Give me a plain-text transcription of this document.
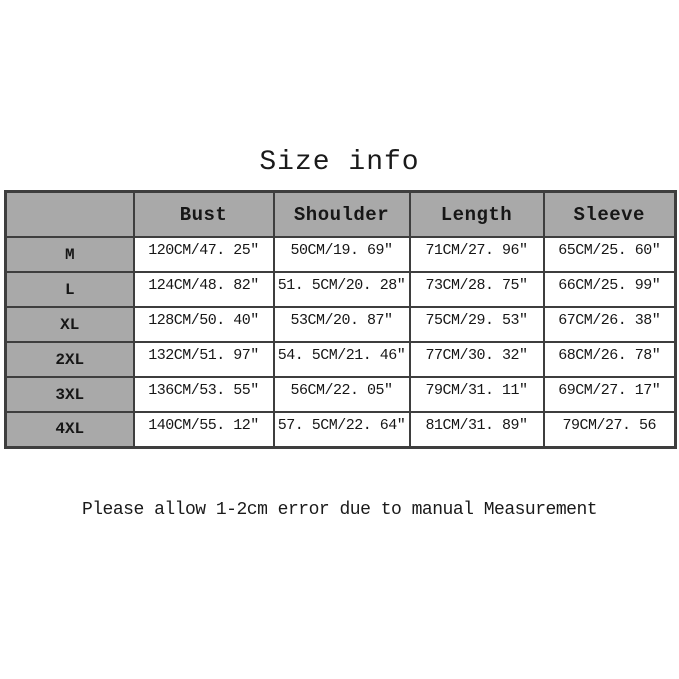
Size info
	Bust	Shoulder	Length	Sleeve
M	120CM/47. 25"	50CM/19. 69"	71CM/27. 96"	65CM/25. 60"
L	124CM/48. 82"	51. 5CM/20. 28"	73CM/28. 75"	66CM/25. 99"
XL	128CM/50. 40"	53CM/20. 87"	75CM/29. 53"	67CM/26. 38"
2XL	132CM/51. 97"	54. 5CM/21. 46"	77CM/30. 32"	68CM/26. 78"
3XL	136CM/53. 55"	56CM/22. 05"	79CM/31. 11"	69CM/27. 17"
4XL	140CM/55. 12"	57. 5CM/22. 64"	81CM/31. 89"	79CM/27. 56
Please allow 1-2cm error due to manual Measurement
